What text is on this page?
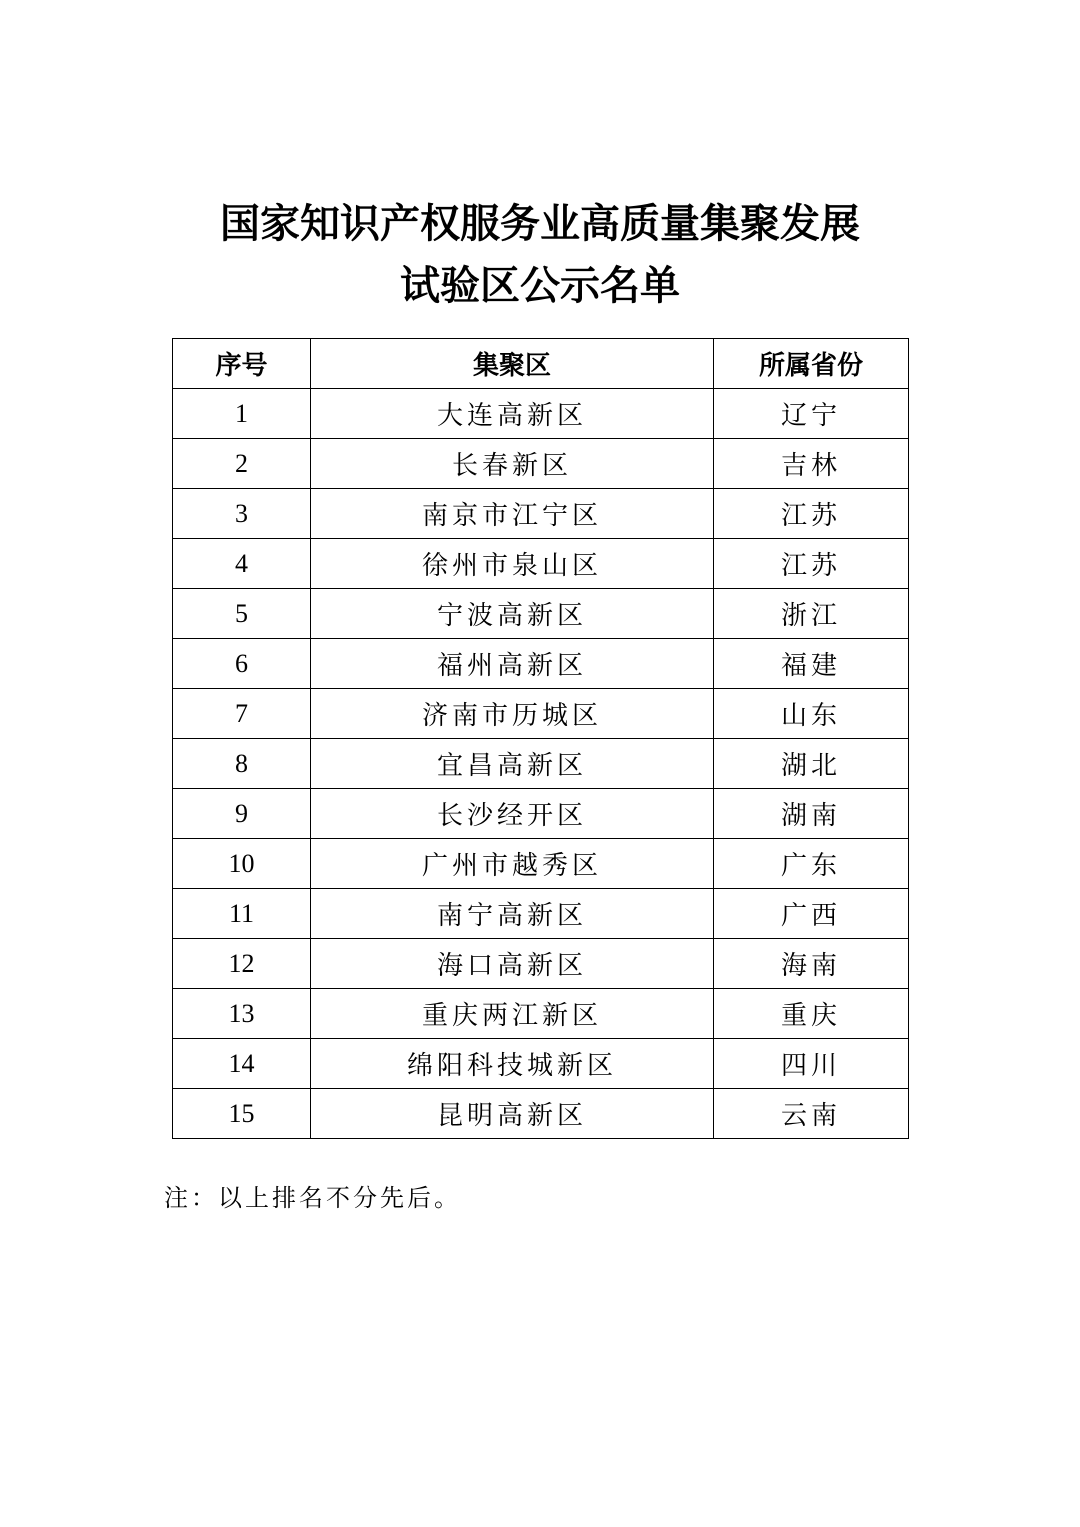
国家知识产权服务业高质量集聚发展
试验区公示名单
序号	集聚区	所属省份
1	大连高新区	辽宁
2	长春新区	吉林
3	南京市江宁区	江苏
4	徐州市泉山区	江苏
5	宁波高新区	浙江
6	福州高新区	福建
7	济南市历城区	山东
8	宜昌高新区	湖北
9	长沙经开区	湖南
10	广州市越秀区	广东
11	南宁高新区	广西
12	海口高新区	海南
13	重庆两江新区	重庆
14	绵阳科技城新区	四川
15	昆明高新区	云南

注：以上排名不分先后。
